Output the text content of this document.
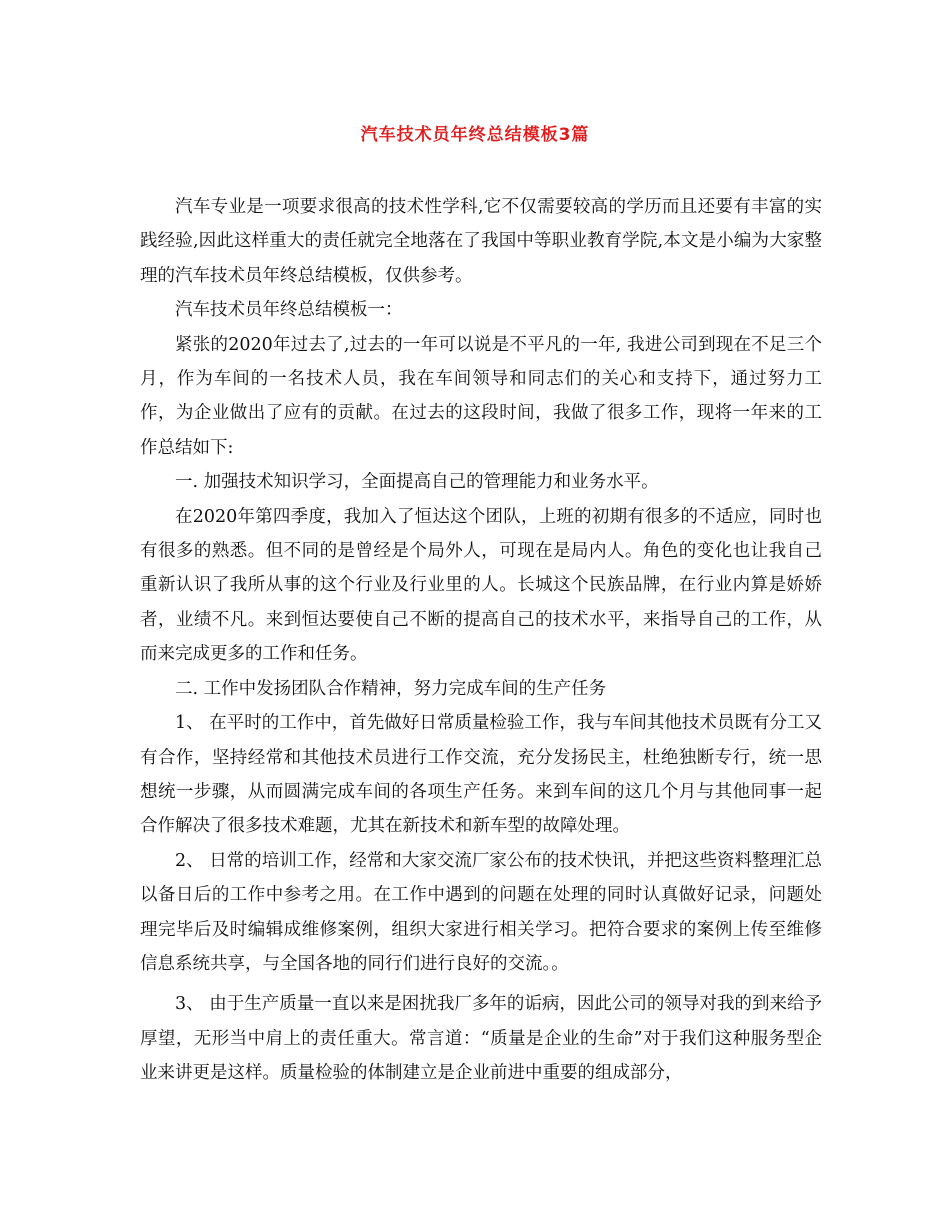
汽车技术员年终总结模板3篇

汽车专业是一项要求很高的技术性学科,它不仅需要较高的学历而且还要有丰富的实践经验,因此这样重大的责任就完全地落在了我国中等职业教育学院,本文是小编为大家整理的汽车技术员年终总结模板，仅供参考。

汽车技术员年终总结模板一：

紧张的2020年过去了,过去的一年可以说是不平凡的一年, 我进公司到现在不足三个月，作为车间的一名技术人员，我在车间领导和同志们的关心和支持下，通过努力工作，为企业做出了应有的贡献。在过去的这段时间，我做了很多工作，现将一年来的工作总结如下:

一. 加强技术知识学习，全面提高自己的管理能力和业务水平。

在2020年第四季度，我加入了恒达这个团队，上班的初期有很多的不适应，同时也有很多的熟悉。但不同的是曾经是个局外人，可现在是局内人。角色的变化也让我自己重新认识了我所从事的这个行业及行业里的人。长城这个民族品牌，在行业内算是娇娇者，业绩不凡。来到恒达要使自己不断的提高自己的技术水平，来指导自己的工作，从而来完成更多的工作和任务。

二. 工作中发扬团队合作精神，努力完成车间的生产任务

1、 在平时的工作中，首先做好日常质量检验工作，我与车间其他技术员既有分工又有合作，坚持经常和其他技术员进行工作交流，充分发扬民主，杜绝独断专行，统一思想统一步骤，从而圆满完成车间的各项生产任务。来到车间的这几个月与其他同事一起合作解决了很多技术难题，尤其在新技术和新车型的故障处理。

2、 日常的培训工作，经常和大家交流厂家公布的技术快讯，并把这些资料整理汇总以备日后的工作中参考之用。在工作中遇到的问题在处理的同时认真做好记录，问题处理完毕后及时编辑成维修案例，组织大家进行相关学习。把符合要求的案例上传至维修信息系统共享，与全国各地的同行们进行良好的交流。。

3、 由于生产质量一直以来是困扰我厂多年的诟病，因此公司的领导对我的到来给予厚望，无形当中肩上的责任重大。常言道：“质量是企业的生命”对于我们这种服务型企业来讲更是这样。质量检验的体制建立是企业前进中重要的组成部分，
